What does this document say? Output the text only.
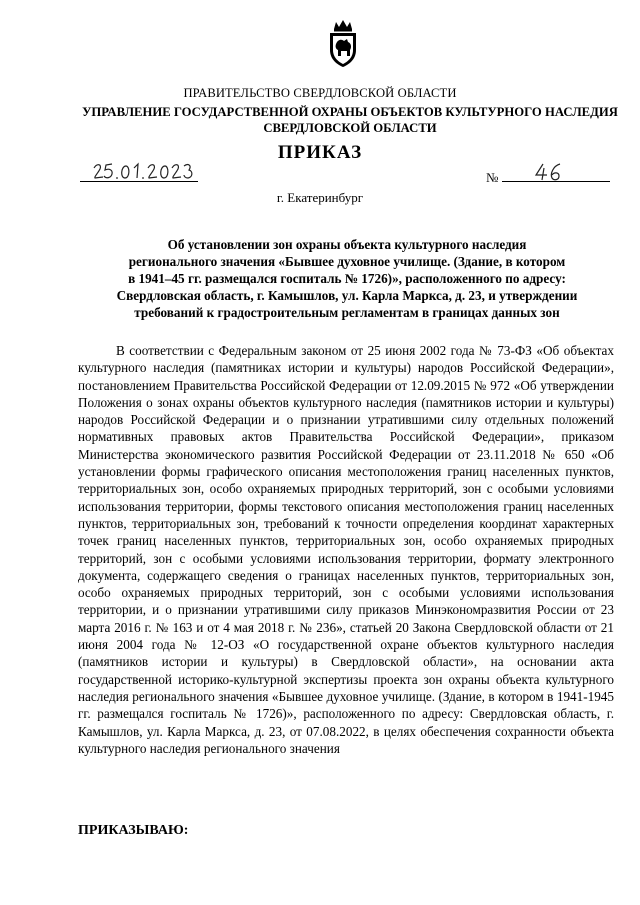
ПРАВИТЕЛЬСТВО СВЕРДЛОВСКОЙ ОБЛАСТИ
УПРАВЛЕНИЕ ГОСУДАРСТВЕННОЙ ОХРАНЫ ОБЪЕКТОВ КУЛЬТУРНОГО НАСЛЕДИЯ СВЕРДЛОВСКОЙ ОБЛАСТИ
ПРИКАЗ
№
г. Екатеринбург
Об установлении зон охраны объекта культурного наследия
регионального значения «Бывшее духовное училище. (Здание, в котором
в 1941–45 гг. размещался госпиталь № 1726)», расположенного по адресу:
Свердловская область, г. Камышлов, ул. Карла Маркса, д. 23, и утверждении
требований к градостроительным регламентам в границах данных зон
В соответствии с Федеральным законом от 25 июня 2002 года № 73-ФЗ «Об объектах культурного наследия (памятниках истории и культуры) народов Российской Федерации», постановлением Правительства Российской Федерации от 12.09.2015 № 972 «Об утверждении Положения о зонах охраны объектов культурного наследия (памятников истории и культуры) народов Российской Федерации и о признании утратившими силу отдельных положений нормативных правовых актов Правительства Российской Федерации», приказом Министерства экономического развития Российской Федерации от 23.11.2018 № 650 «Об установлении формы графического описания местоположения границ населенных пунктов, территориальных зон, особо охраняемых природных территорий, зон с особыми условиями использования территории, формы текстового описания местоположения границ населенных пунктов, территориальных зон, требований к точности определения координат характерных точек границ населенных пунктов, территориальных зон, особо охраняемых природных территорий, зон с особыми условиями использования территории, формату электронного документа, содержащего сведения о границах населенных пунктов, территориальных зон, особо охраняемых природных территорий, зон с особыми условиями использования территории, и о признании утратившими силу приказов Минэкономразвития России от 23 марта 2016 г. № 163 и от 4 мая 2018 г. № 236», статьей 20 Закона Свердловской области от 21 июня 2004 года № 12-ОЗ «О государственной охране объектов культурного наследия (памятников истории и культуры) в Свердловской области», на основании акта государственной историко-культурной экспертизы проекта зон охраны объекта культурного наследия регионального значения «Бывшее духовное училище. (Здание, в котором в 1941-1945 гг. размещался госпиталь № 1726)», расположенного по адресу: Свердловская область, г. Камышлов, ул. Карла Маркса, д. 23, от 07.08.2022, в целях обеспечения сохранности объекта культурного наследия регионального значения
ПРИКАЗЫВАЮ:
